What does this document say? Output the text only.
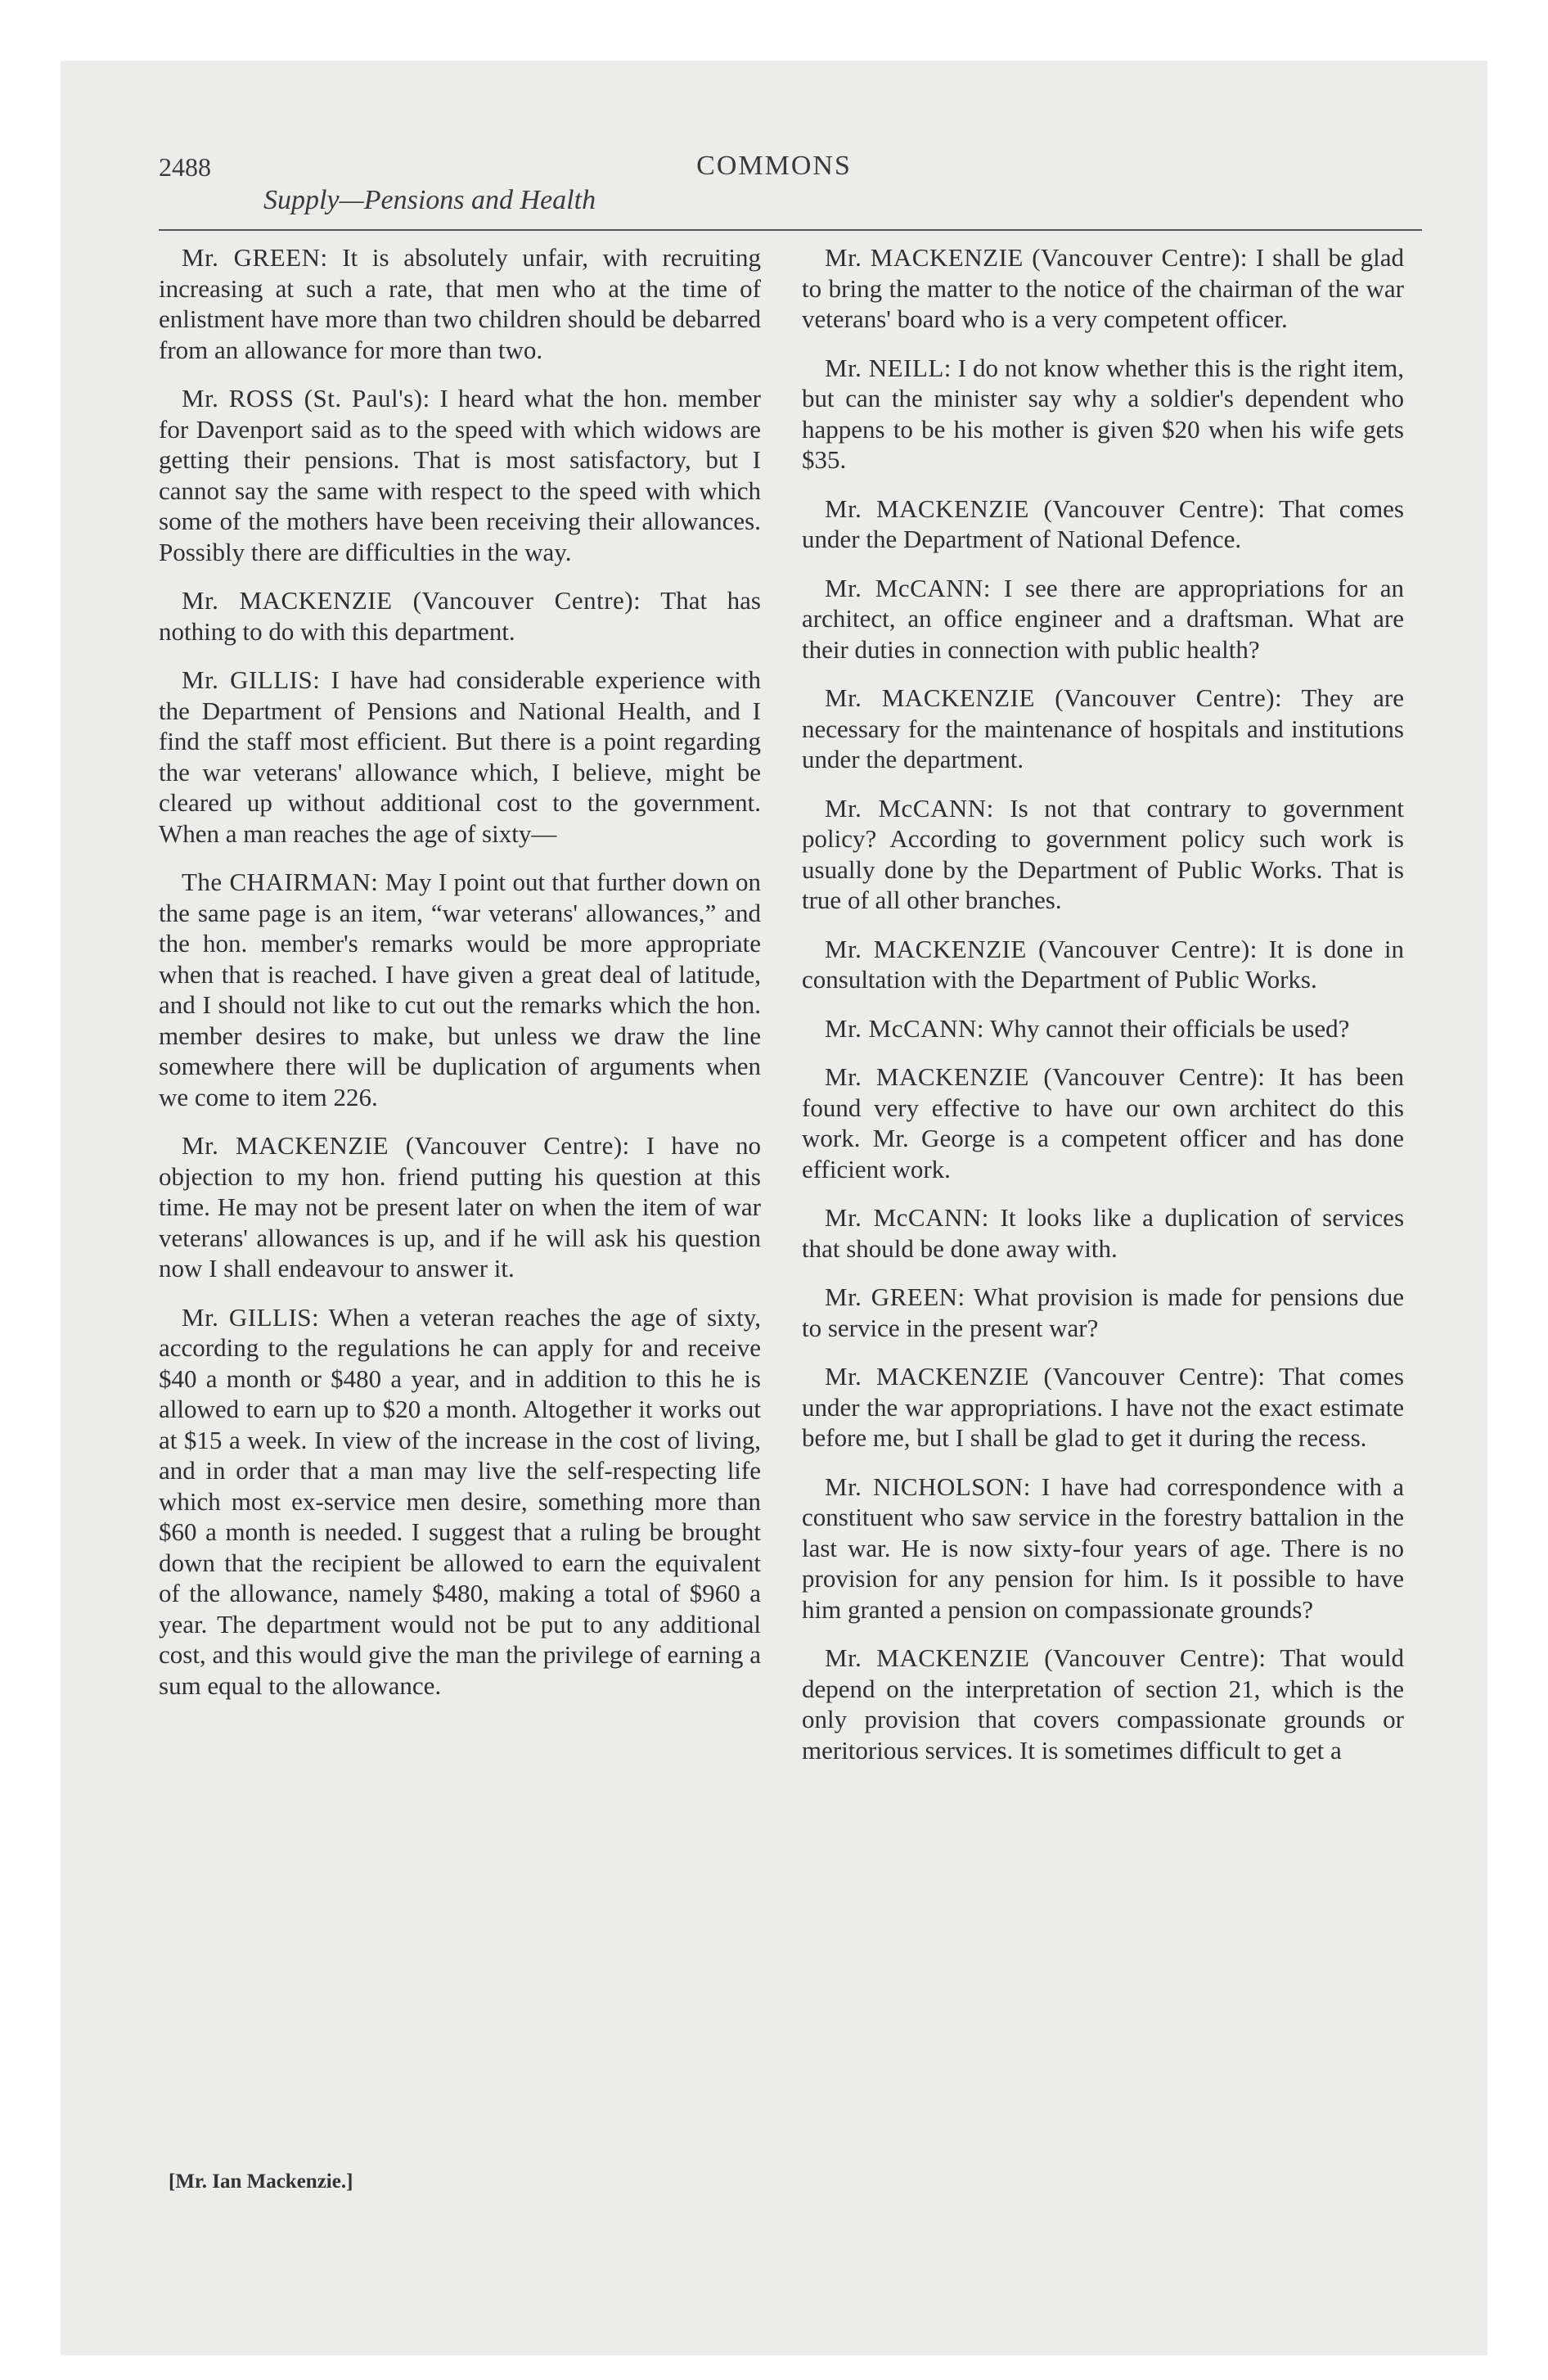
2488	COMMONS
Supply—Pensions and Health

Mr. GREEN: It is absolutely unfair, with recruiting increasing at such a rate, that men who at the time of enlistment have more than two children should be debarred from an allowance for more than two.

Mr. ROSS (St. Paul's): I heard what the hon. member for Davenport said as to the speed with which widows are getting their pensions. That is most satisfactory, but I cannot say the same with respect to the speed with which some of the mothers have been receiving their allowances. Possibly there are difficulties in the way.

Mr. MACKENZIE (Vancouver Centre): That has nothing to do with this department.

Mr. GILLIS: I have had considerable experience with the Department of Pensions and National Health, and I find the staff most efficient. But there is a point regarding the war veterans' allowance which, I believe, might be cleared up without additional cost to the government. When a man reaches the age of sixty—

The CHAIRMAN: May I point out that further down on the same page is an item, “war veterans' allowances,” and the hon. member's remarks would be more appropriate when that is reached. I have given a great deal of latitude, and I should not like to cut out the remarks which the hon. member desires to make, but unless we draw the line somewhere there will be duplication of arguments when we come to item 226.

Mr. MACKENZIE (Vancouver Centre): I have no objection to my hon. friend putting his question at this time. He may not be present later on when the item of war veterans' allowances is up, and if he will ask his question now I shall endeavour to answer it.

Mr. GILLIS: When a veteran reaches the age of sixty, according to the regulations he can apply for and receive $40 a month or $480 a year, and in addition to this he is allowed to earn up to $20 a month. Altogether it works out at $15 a week. In view of the increase in the cost of living, and in order that a man may live the self-respecting life which most ex-service men desire, something more than $60 a month is needed. I suggest that a ruling be brought down that the recipient be allowed to earn the equivalent of the allowance, namely $480, making a total of $960 a year. The department would not be put to any additional cost, and this would give the man the privilege of earning a sum equal to the allowance.

Mr. MACKENZIE (Vancouver Centre): I shall be glad to bring the matter to the notice of the chairman of the war veterans' board who is a very competent officer.

Mr. NEILL: I do not know whether this is the right item, but can the minister say why a soldier's dependent who happens to be his mother is given $20 when his wife gets $35.

Mr. MACKENZIE (Vancouver Centre): That comes under the Department of National Defence.

Mr. McCANN: I see there are appropriations for an architect, an office engineer and a draftsman. What are their duties in connection with public health?

Mr. MACKENZIE (Vancouver Centre): They are necessary for the maintenance of hospitals and institutions under the department.

Mr. McCANN: Is not that contrary to government policy? According to government policy such work is usually done by the Department of Public Works. That is true of all other branches.

Mr. MACKENZIE (Vancouver Centre): It is done in consultation with the Department of Public Works.

Mr. McCANN: Why cannot their officials be used?

Mr. MACKENZIE (Vancouver Centre): It has been found very effective to have our own architect do this work. Mr. George is a competent officer and has done efficient work.

Mr. McCANN: It looks like a duplication of services that should be done away with.

Mr. GREEN: What provision is made for pensions due to service in the present war?

Mr. MACKENZIE (Vancouver Centre): That comes under the war appropriations. I have not the exact estimate before me, but I shall be glad to get it during the recess.

Mr. NICHOLSON: I have had correspondence with a constituent who saw service in the forestry battalion in the last war. He is now sixty-four years of age. There is no provision for any pension for him. Is it possible to have him granted a pension on compassionate grounds?

Mr. MACKENZIE (Vancouver Centre): That would depend on the interpretation of section 21, which is the only provision that covers compassionate grounds or meritorious services. It is sometimes difficult to get a

[Mr. Ian Mackenzie.]
